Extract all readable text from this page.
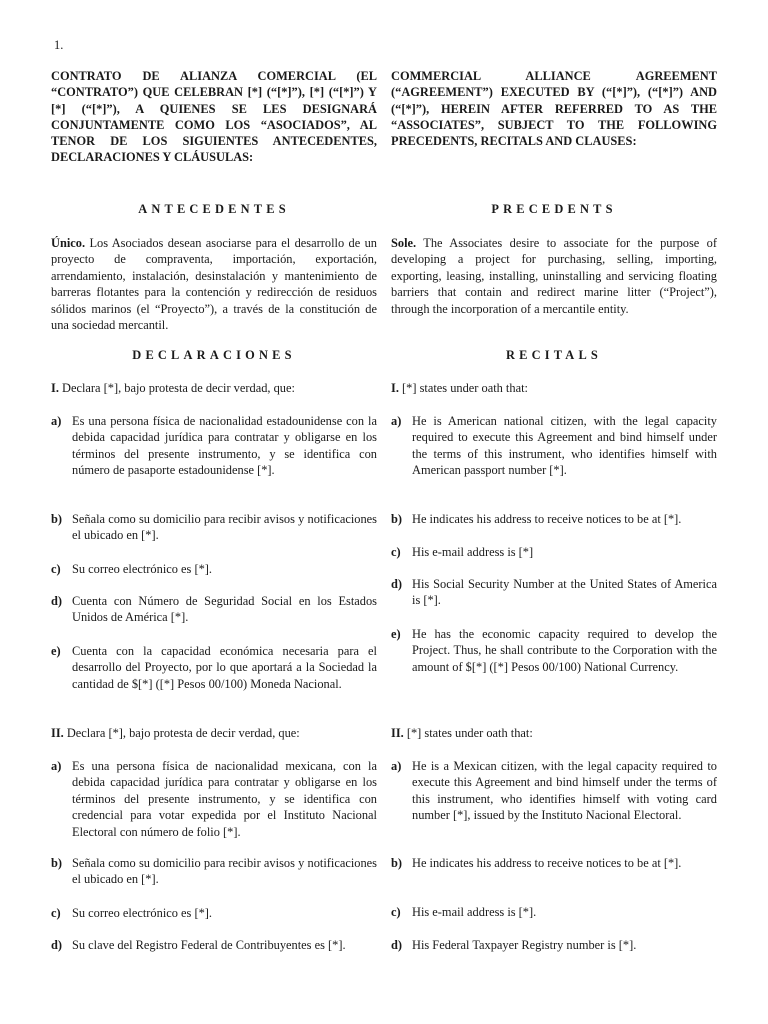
1.

CONTRATO DE ALIANZA COMERCIAL (EL “CONTRATO”) QUE CELEBRAN [*] (“[*]”), [*] (“[*]”) Y [*] (“[*]”), A QUIENES SE LES DESIGNARÁ CONJUNTAMENTE COMO LOS “ASOCIADOS”, AL TENOR DE LOS SIGUIENTES ANTECEDENTES, DECLARACIONES Y CLÁUSULAS:

ANTECEDENTES

Único. Los Asociados desean asociarse para el desarrollo de un proyecto de compraventa, importación, exportación, arrendamiento, instalación, desinstalación y mantenimiento de barreras flotantes para la contención y redirección de residuos sólidos marinos (el “Proyecto”), a través de la constitución de una sociedad mercantil.

DECLARACIONES

I. Declara [*], bajo protesta de decir verdad, que:

a) Es una persona física de nacionalidad estadounidense con la debida capacidad jurídica para contratar y obligarse en los términos del presente instrumento, y se identifica con número de pasaporte estadounidense [*].
b) Señala como su domicilio para recibir avisos y notificaciones el ubicado en [*].
c) Su correo electrónico es [*].
d) Cuenta con Número de Seguridad Social en los Estados Unidos de América [*].
e) Cuenta con la capacidad económica necesaria para el desarrollo del Proyecto, por lo que aportará a la Sociedad la cantidad de $[*] ([*] Pesos 00/100) Moneda Nacional.

II. Declara [*], bajo protesta de decir verdad, que:

a) Es una persona física de nacionalidad mexicana, con la debida capacidad jurídica para contratar y obligarse en los términos del presente instrumento, y se identifica con credencial para votar expedida por el Instituto Nacional Electoral con número de folio [*].
b) Señala como su domicilio para recibir avisos y notificaciones el ubicado en [*].
c) Su correo electrónico es [*].
d) Su clave del Registro Federal de Contribuyentes es [*].

COMMERCIAL ALLIANCE AGREEMENT (“AGREEMENT”) EXECUTED BY (“[*]”), (“[*]”) AND (“[*]”), HEREIN AFTER REFERRED TO AS THE “ASSOCIATES”, SUBJECT TO THE FOLLOWING PRECEDENTS, RECITALS AND CLAUSES:

PRECEDENTS

Sole. The Associates desire to associate for the purpose of developing a project for purchasing, selling, importing, exporting, leasing, installing, uninstalling and servicing floating barriers that contain and redirect marine litter (“Project”), through the incorporation of a mercantile entity.

RECITALS

I. [*] states under oath that:

a) He is American national citizen, with the legal capacity required to execute this Agreement and bind himself under the terms of this instrument, who identifies himself with American passport number [*].
b) He indicates his address to receive notices to be at [*].
c) His e-mail address is [*]
d) His Social Security Number at the United States of America is [*].
e) He has the economic capacity required to develop the Project. Thus, he shall contribute to the Corporation with the amount of $[*] ([*] Pesos 00/100) National Currency.

II. [*] states under oath that:

a) He is a Mexican citizen, with the legal capacity required to execute this Agreement and bind himself under the terms of this instrument, who identifies himself with voting card number [*], issued by the Instituto Nacional Electoral.
b) He indicates his address to receive notices to be at [*].
c) His e-mail address is [*].
d) His Federal Taxpayer Registry number is [*].
